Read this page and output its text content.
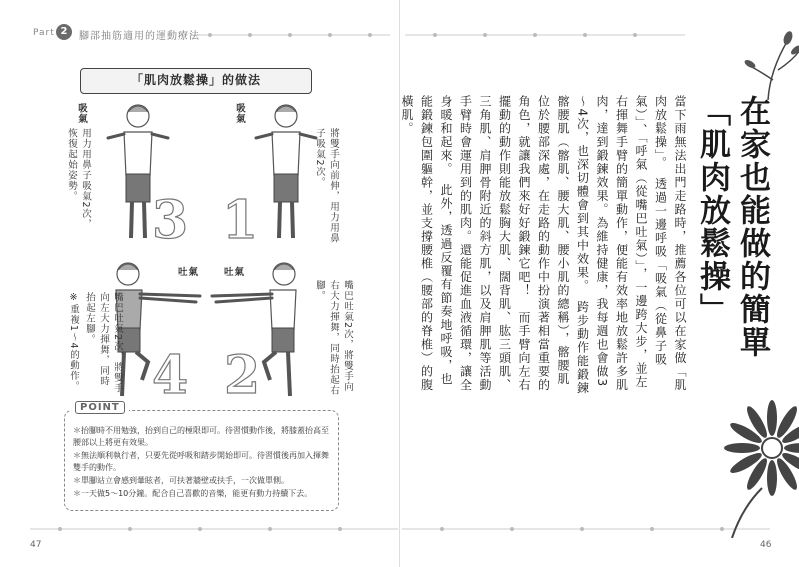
Part 2	腳部抽筋適用的運動療法
「肌肉放鬆操」的做法
3
吸氣
用力用鼻子吸氣2次，恢復起始姿勢。
1
吸氣
將雙手向前伸，用力用鼻子吸氣2次。
4
吐氣
嘴巴吐氣2次，將雙手向左大力揮舞，同時抬起左腳。
※重複1～4的動作。	2
吐氣
嘴巴吐氣2次，將雙手向右大力揮舞，同時抬起右腳。
POINT
＊抬腳時不用勉強，抬到自己的極限即可。待習慣動作後，將膝蓋抬高至腰部以上將更有效果。
＊無法順利執行者，只要先從呼吸和踏步開始即可。待習慣後再加入揮舞雙手的動作。
＊單腳站立會感到暈眩者，可扶著牆壁或扶手，一次做單側。
＊一天做5～10分鐘。配合自己喜歡的音樂，能更有動力持續下去。
47
在家也能做的簡單
「肌肉放鬆操」
當下雨無法出門走路時，推薦各位可以在家做「肌肉放鬆操」。　透過一邊呼吸「吸氣（從鼻子吸氣）」、「呼氣（從嘴巴吐氣）」，一邊跨大步，並左右揮舞手臂的簡單動作，便能有效率地放鬆許多肌肉，達到鍛鍊效果。為維持健康，我每週也會做3～4次，也深切體會到其中效果。　跨步動作能鍛鍊髂腰肌（髂肌、腰大肌、腰小肌的總稱），髂腰肌位於腰部深處，在走路的動作中扮演著相當重要的角色，就讓我們來好好鍛鍊它吧！　而手臂向左右擺動的動作則能放鬆胸大肌、闊背肌、肱三頭肌、三角肌、肩胛骨附近的斜方肌，以及肩胛肌等活動手臂時會運用到的肌肉。還能促進血液循環，讓全身暖和起來。　此外，透過反覆有節奏地呼吸，也能鍛鍊包圍軀幹，並支撐腰椎（腰部的脊椎）的腹橫肌。
46
